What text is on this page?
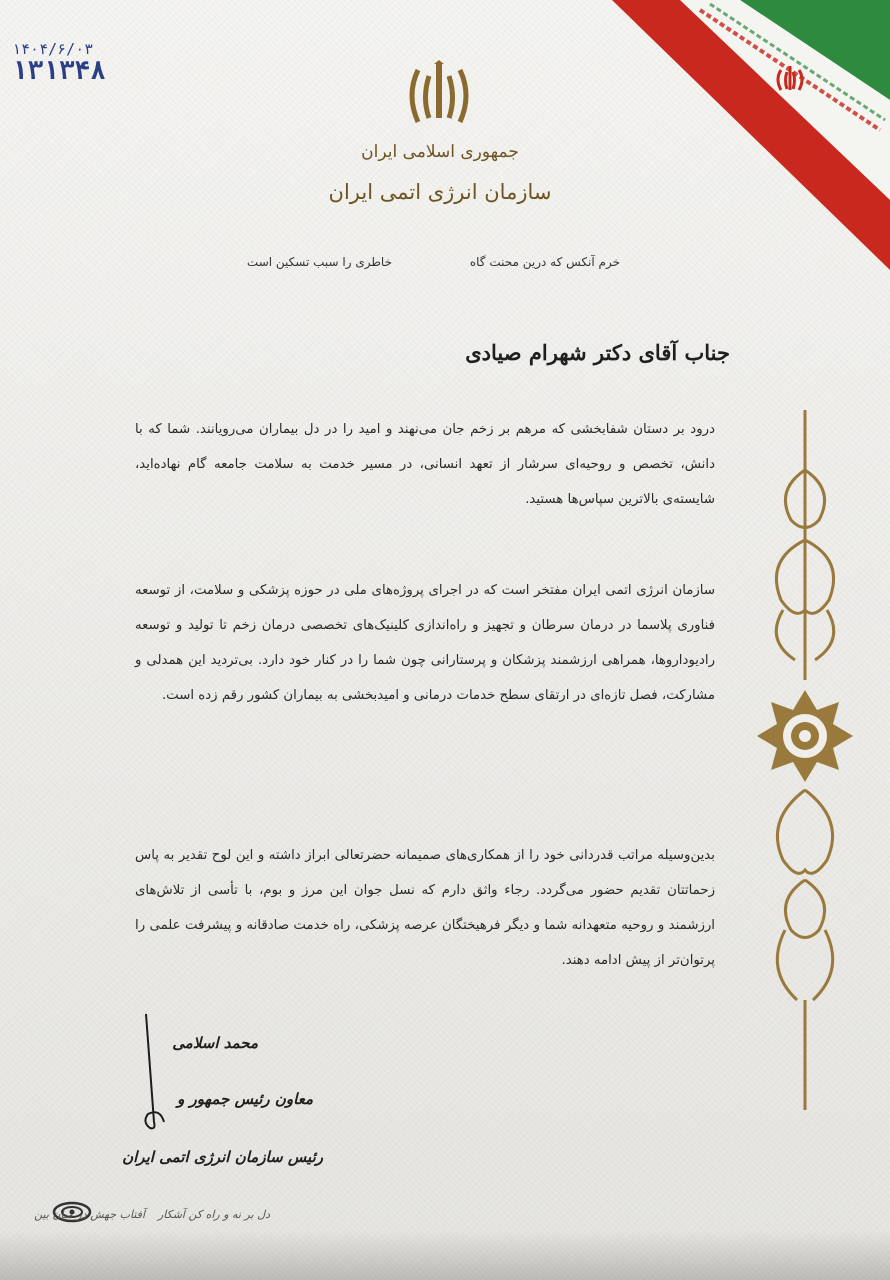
۱۴۰۴/۶/۰۳
۱۳۱۳۴۸
جمهوری اسلامی ایران
سازمان انرژی اتمی ایران
خرم آنکس که درین محنت گاه
خاطری را سبب تسکین است
جناب آقای دکتر شهرام صیادی
درود بر دستان شفابخشی که مرهم بر زخم جان می‌نهند و امید را در دل بیماران می‌رویانند. شما که با دانش، تخصص و روحیه‌ای سرشار از تعهد انسانی، در مسیر خدمت به سلامت جامعه گام نهاده‌اید، شایسته‌ی بالاترین سپاس‌ها هستید.
سازمان انرژی اتمی ایران مفتخر است که در اجرای پروژه‌های ملی در حوزه پزشکی و سلامت، از توسعه فناوری پلاسما در درمان سرطان و تجهیز و راه‌اندازی کلینیک‌های تخصصی درمان زخم تا تولید و توسعه رادیوداروها، همراهی ارزشمند پزشکان و پرستارانی چون شما را در کنار خود دارد. بی‌تردید این همدلی و مشارکت، فصل تازه‌ای در ارتقای سطح خدمات درمانی و امیدبخشی به بیماران کشور رقم زده است.
بدین‌وسیله مراتب قدردانی خود را از همکاری‌های صمیمانه حضرتعالی ابراز داشته و این لوح تقدیر به پاس زحماتتان تقدیم حضور می‌گردد. رجاء واثق دارم که نسل جوان این مرز و بوم، با تأسی از تلاش‌های ارزشمند و روحیه متعهدانه شما و دیگر فرهیختگان عرصه پزشکی، راه خدمت صادقانه و پیشرفت علمی را پرتوان‌تر از پیش ادامه دهند.
محمد اسلامی
معاون رئیس جمهور و
رئیس سازمان انرژی اتمی ایران
دل بر نه و راه کن آشکار
آفتاب جهش در میان بین
